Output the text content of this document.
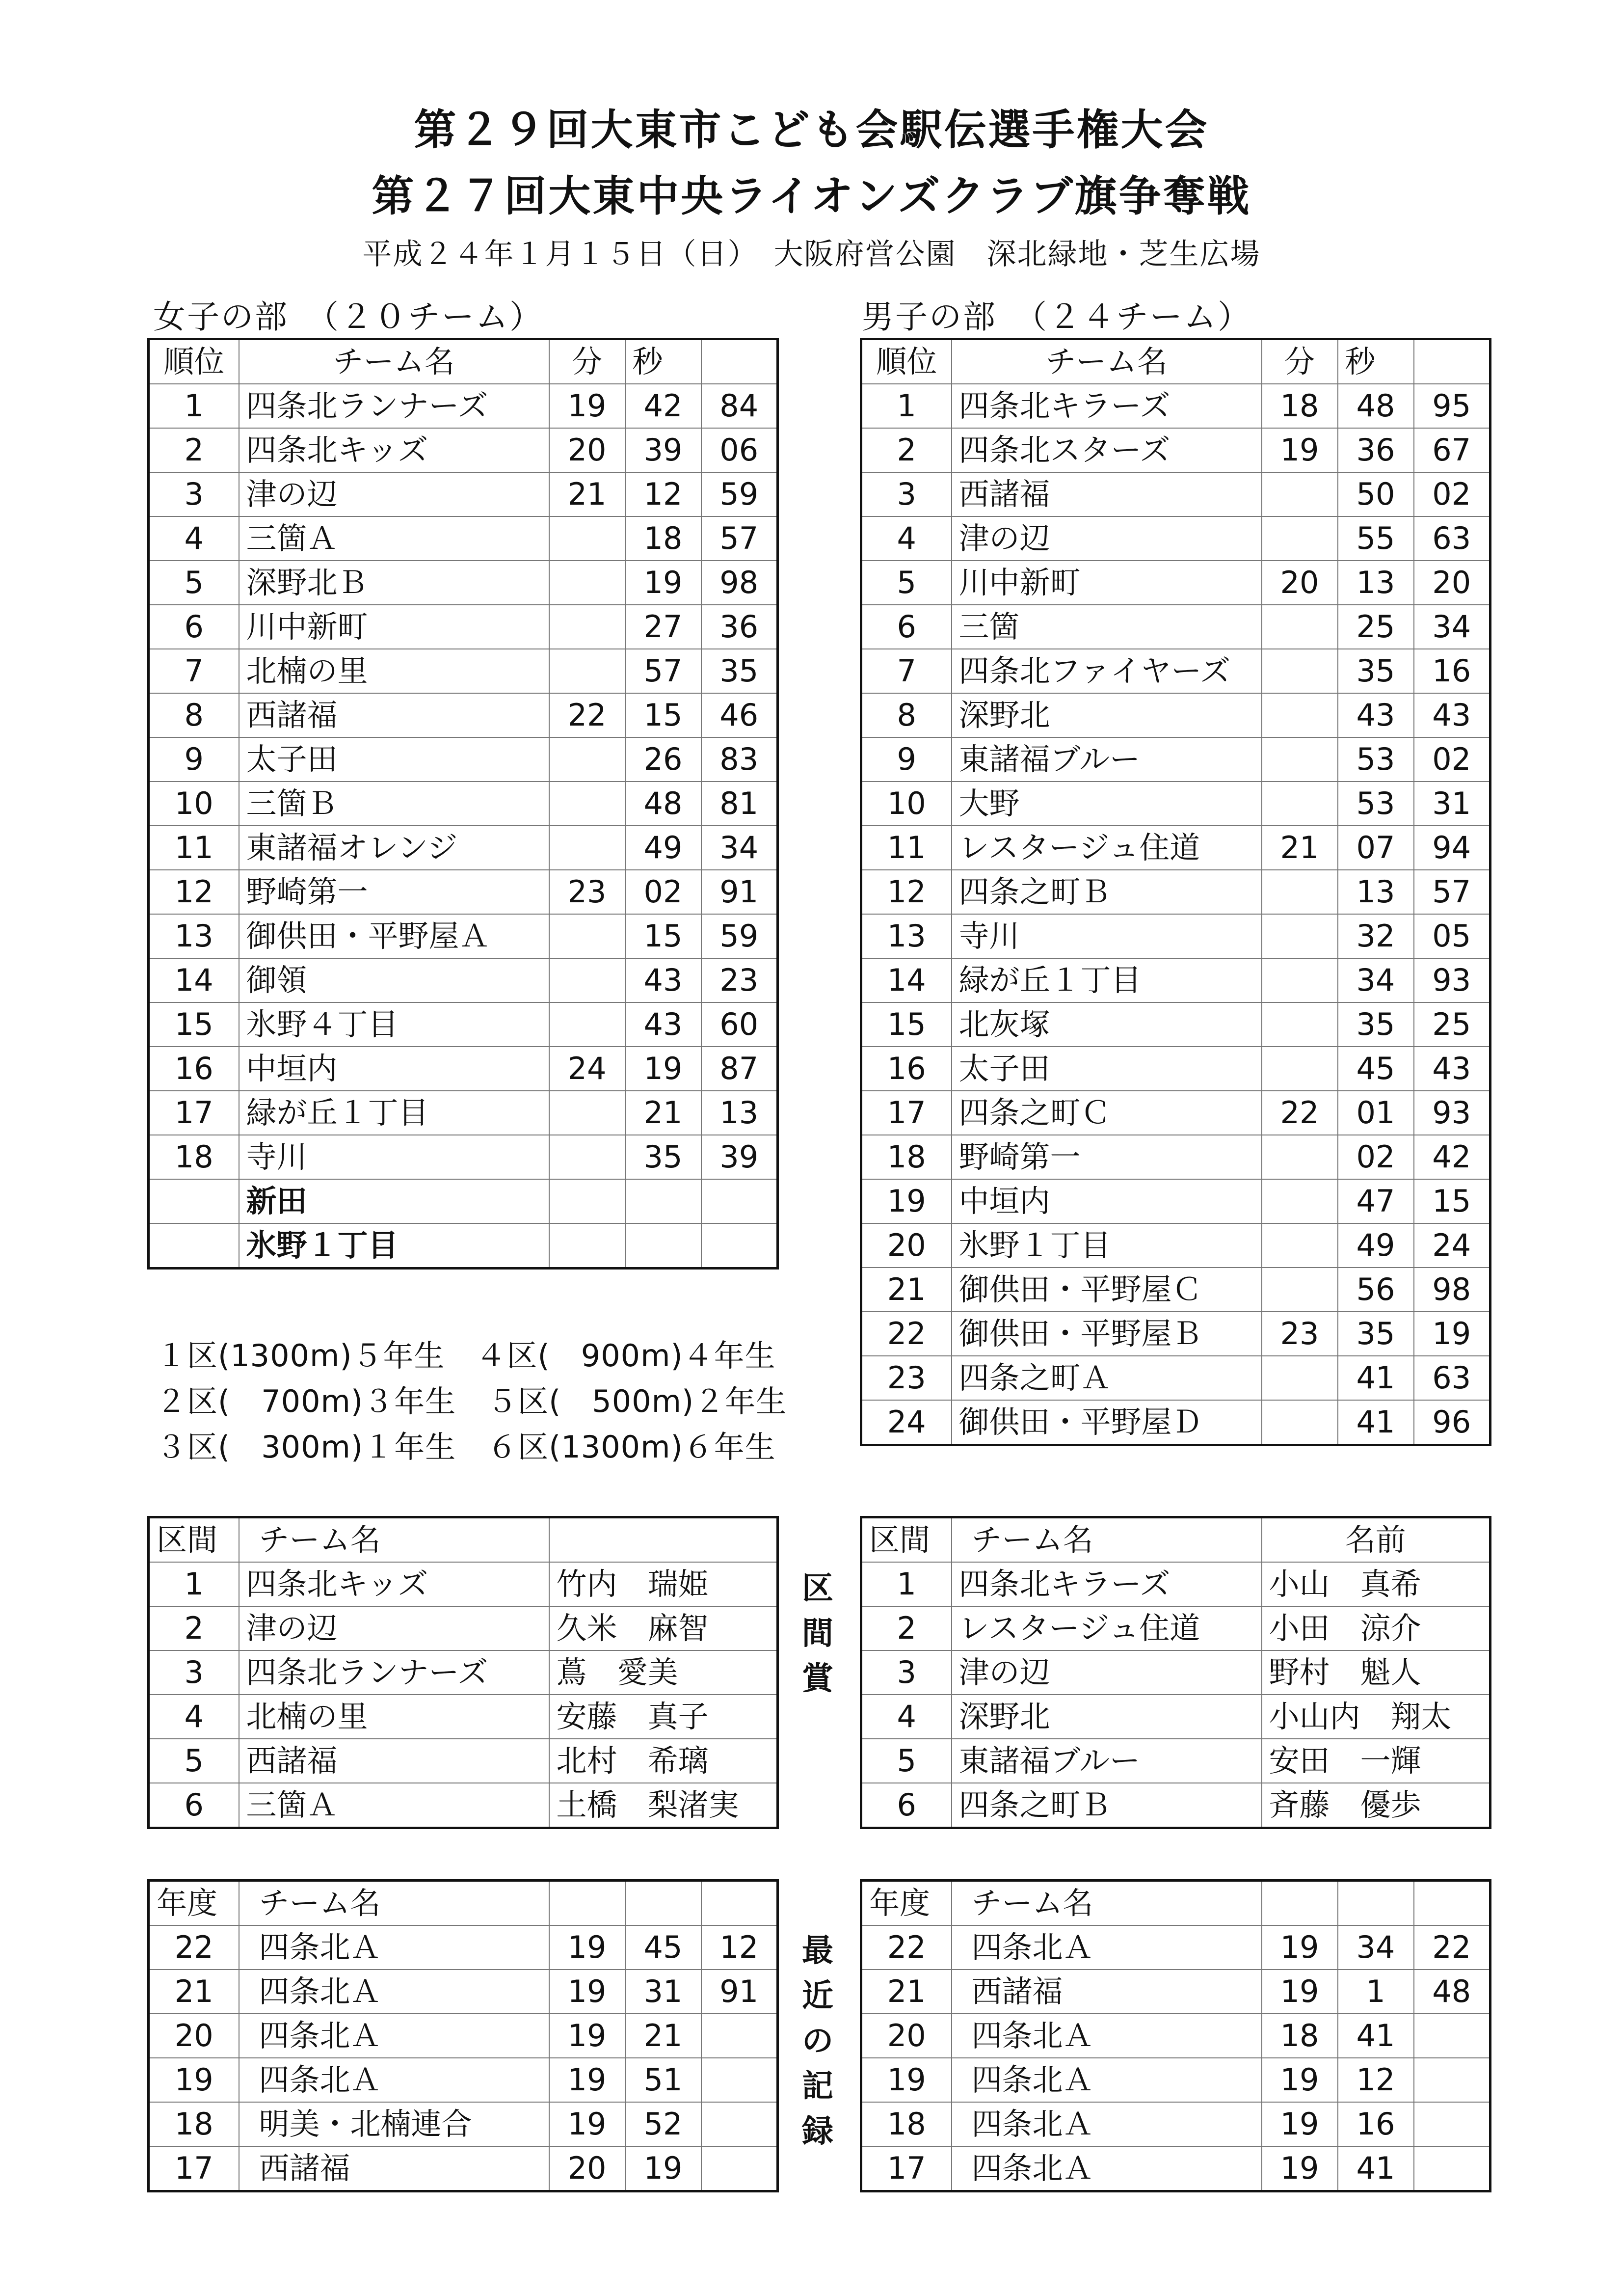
第２９回大東市こども会駅伝選手権大会
第２７回大東中央ライオンズクラブ旗争奪戦
平成２４年１月１５日（日）　大阪府営公園　深北緑地・芝生広場
女子の部　（２０チーム）	男子の部　（２４チーム）
順位	チーム名	分	秒	
1	四条北ランナーズ	19	42	84
2	四条北キッズ	20	39	06
3	津の辺	21	12	59
4	三箇Ａ		18	57
5	深野北Ｂ		19	98
6	川中新町		27	36
7	北楠の里		57	35
8	西諸福	22	15	46
9	太子田		26	83
10	三箇Ｂ		48	81
11	東諸福オレンジ		49	34
12	野崎第一	23	02	91
13	御供田・平野屋Ａ		15	59
14	御領		43	23
15	氷野４丁目		43	60
16	中垣内	24	19	87
17	緑が丘１丁目		21	13
18	寺川		35	39
	新田			
	氷野１丁目			
順位	チーム名	分	秒	
1	四条北キラーズ	18	48	95
2	四条北スターズ	19	36	67
3	西諸福		50	02
4	津の辺		55	63
5	川中新町	20	13	20
6	三箇		25	34
7	四条北ファイヤーズ		35	16
8	深野北		43	43
9	東諸福ブルー		53	02
10	大野		53	31
11	レスタージュ住道	21	07	94
12	四条之町Ｂ		13	57
13	寺川		32	05
14	緑が丘１丁目		34	93
15	北灰塚		35	25
16	太子田		45	43
17	四条之町Ｃ	22	01	93
18	野崎第一		02	42
19	中垣内		47	15
20	氷野１丁目		49	24
21	御供田・平野屋Ｃ		56	98
22	御供田・平野屋Ｂ	23	35	19
23	四条之町Ａ		41	63
24	御供田・平野屋Ｄ		41	96
１区(1300m)５年生　４区(　900m)４年生
２区(　700m)３年生　５区(　500m)２年生
３区(　300m)１年生　６区(1300m)６年生
区間	チーム名	
1	四条北キッズ	竹内　瑞姫
2	津の辺	久米　麻智
3	四条北ランナーズ	蔦　愛美
4	北楠の里	安藤　真子
5	西諸福	北村　希璃
6	三箇Ａ	土橋　梨渚実
区
間
賞
区間	チーム名	名前
1	四条北キラーズ	小山　真希
2	レスタージュ住道	小田　涼介
3	津の辺	野村　魁人
4	深野北	小山内　翔太
5	東諸福ブルー	安田　一輝
6	四条之町Ｂ	斉藤　優歩
年度	チーム名			
22	四条北Ａ	19	45	12
21	四条北Ａ	19	31	91
20	四条北Ａ	19	21	
19	四条北Ａ	19	51	
18	明美・北楠連合	19	52	
17	西諸福	20	19	
最
近
の
記
録
年度	チーム名			
22	四条北Ａ	19	34	22
21	西諸福	19	1	48
20	四条北Ａ	18	41	
19	四条北Ａ	19	12	
18	四条北Ａ	19	16	
17	四条北Ａ	19	41	
